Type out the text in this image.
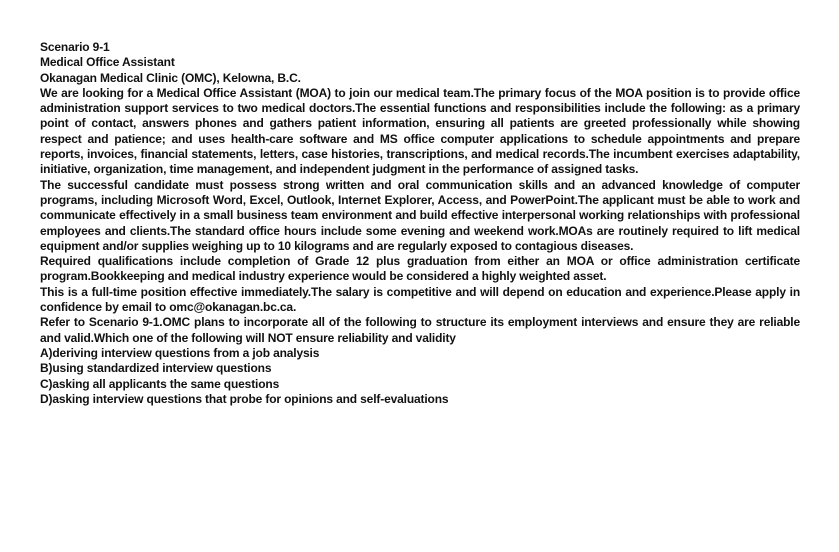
Scenario 9-1
Medical Office Assistant
Okanagan Medical Clinic (OMC), Kelowna, B.C.

We are looking for a Medical Office Assistant (MOA) to join our medical team.The primary focus of the MOA position is to provide office administration support services to two medical doctors.The essential functions and responsibilities include the following: as a primary point of contact, answers phones and gathers patient information, ensuring all patients are greeted professionally while showing respect and patience; and uses health-care software and MS office computer applications to schedule appointments and prepare reports, invoices, financial statements, letters, case histories, transcriptions, and medical records.The incumbent exercises adaptability, initiative, organization, time management, and independent judgment in the performance of assigned tasks.

The successful candidate must possess strong written and oral communication skills and an advanced knowledge of computer programs, including Microsoft Word, Excel, Outlook, Internet Explorer, Access, and PowerPoint.The applicant must be able to work and communicate effectively in a small business team environment and build effective interpersonal working relationships with professional employees and clients.The standard office hours include some evening and weekend work.MOAs are routinely required to lift medical equipment and/or supplies weighing up to 10 kilograms and are regularly exposed to contagious diseases.

Required qualifications include completion of Grade 12 plus graduation from either an MOA or office administration certificate program.Bookkeeping and medical industry experience would be considered a highly weighted asset.

This is a full-time position effective immediately.The salary is competitive and will depend on education and experience.Please apply in confidence by email to omc@okanagan.bc.ca.

Refer to Scenario 9-1.OMC plans to incorporate all of the following to structure its employment interviews and ensure they are reliable and valid.Which one of the following will NOT ensure reliability and validity

A)deriving interview questions from a job analysis
B)using standardized interview questions
C)asking all applicants the same questions
D)asking interview questions that probe for opinions and self-evaluations
